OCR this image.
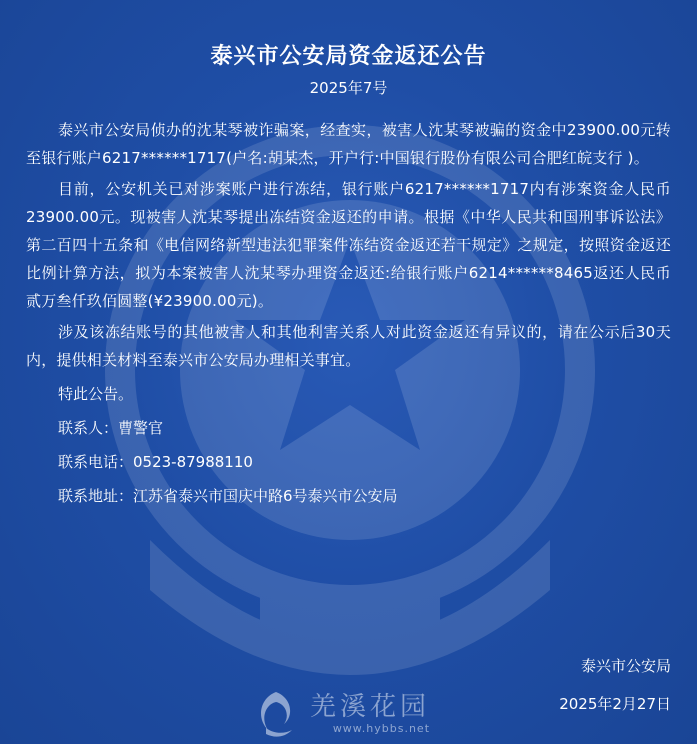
泰兴市公安局资金返还公告
2025年7号

泰兴市公安局侦办的沈某琴被诈骗案，经查实，被害人沈某琴被骗的资金中23900.00元转至银行账户6217******1717(户名:胡某杰，开户行:中国银行股份有限公司合肥红皖支行 )。

目前，公安机关已对涉案账户进行冻结，银行账户6217******1717内有涉案资金人民币23900.00元。现被害人沈某琴提出冻结资金返还的申请。根据《中华人民共和国刑事诉讼法》第二百四十五条和《电信网络新型违法犯罪案件冻结资金返还若干规定》之规定，按照资金返还比例计算方法，拟为本案被害人沈某琴办理资金返还:给银行账户6214******8465返还人民币贰万叁仟玖佰圆整(¥23900.00元)。

涉及该冻结账号的其他被害人和其他利害关系人对此资金返还有异议的，请在公示后30天内，提供相关材料至泰兴市公安局办理相关事宜。

特此公告。
联系人：曹警官
联系电话：0523-87988110
联系地址：江苏省泰兴市国庆中路6号泰兴市公安局
泰兴市公安局
2025年2月27日
羌溪花园
www.hybbs.net
